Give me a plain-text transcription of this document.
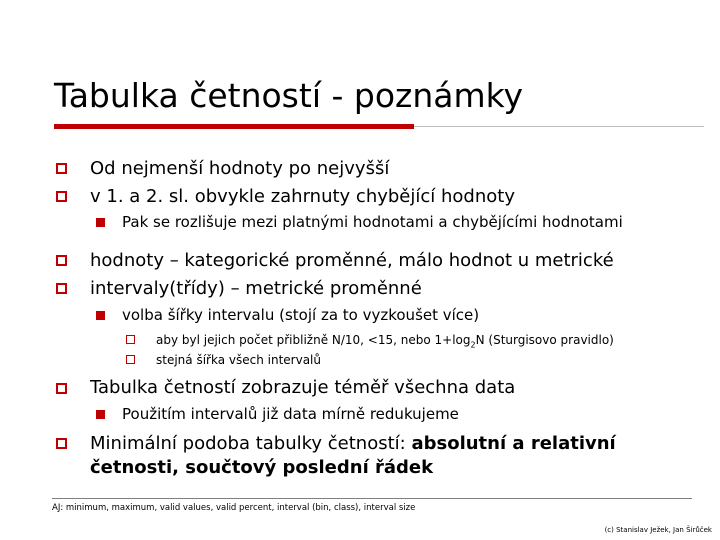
Tabulka četností - poznámky
Od nejmenší hodnoty po nejvyšší
v 1. a 2. sl. obvykle zahrnuty chybějící hodnoty
Pak se rozlišuje mezi platnými hodnotami a chybějícími hodnotami
hodnoty – kategorické proměnné, málo hodnot u metrické
intervaly(třídy) – metrické proměnné
volba šířky intervalu (stojí za to vyzkoušet více)
aby byl jejich počet přibližně N/10, <15, nebo $1+\log_2N$ (Sturgisovo pravidlo)
stejná šířka všech intervalů
Tabulka četností zobrazuje téměř všechna data
Použitím intervalů již data mírně redukujeme
Minimální podoba tabulky četností: absolutní a relativní
četnosti, součtový poslední řádek
AJ: minimum, maximum, valid values, valid percent, interval (bin, class), interval size
(c) Stanislav Ježek, Jan Širůček
